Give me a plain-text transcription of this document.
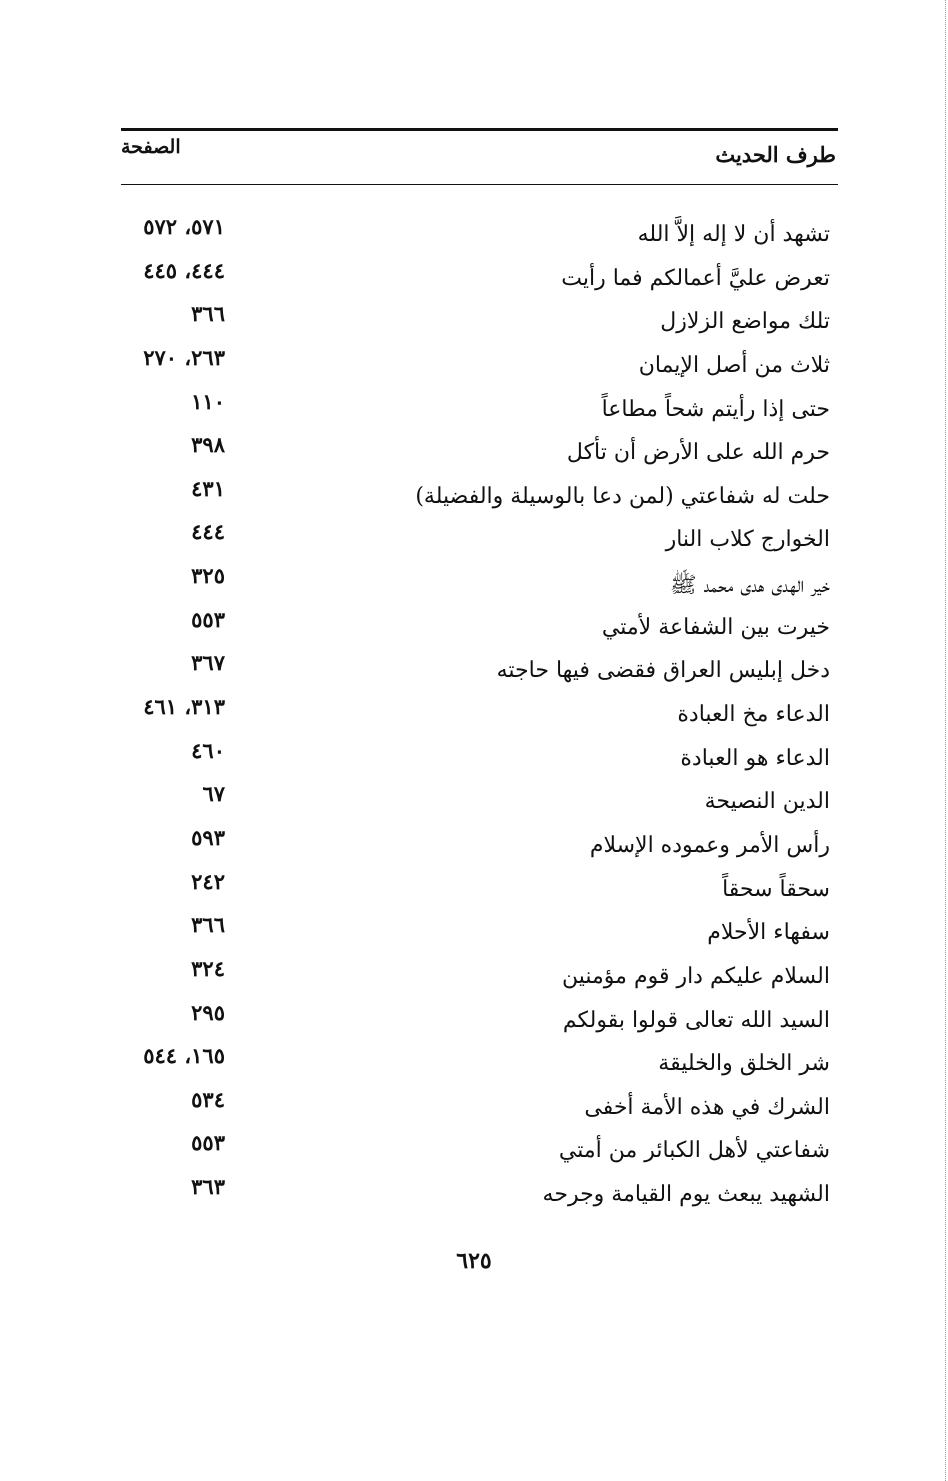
طرف الحديث
الصفحة
تشهد أن لا إله إلاَّ الله
٥٧١، ٥٧٢
تعرض عليَّ أعمالكم فما رأيت
٤٤٤، ٤٤٥
تلك مواضع الزلازل
٣٦٦
ثلاث من أصل الإيمان
٢٦٣، ٢٧٠
حتى إذا رأيتم شحاً مطاعاً
١١٠
حرم الله على الأرض أن تأكل
٣٩٨
حلت له شفاعتي (لمن دعا بالوسيلة والفضيلة)
٤٣١
الخوارج كلاب النار
٤٤٤
خير الهدى هدى محمد ﷺ
٣٢٥
خيرت بين الشفاعة لأمتي
٥٥٣
دخل إبليس العراق فقضى فيها حاجته
٣٦٧
الدعاء مخ العبادة
٣١٣، ٤٦١
الدعاء هو العبادة
٤٦٠
الدين النصيحة
٦٧
رأس الأمر وعموده الإسلام
٥٩٣
سحقاً سحقاً
٢٤٢
سفهاء الأحلام
٣٦٦
السلام عليكم دار قوم مؤمنين
٣٢٤
السيد الله تعالى قولوا بقولكم
٢٩٥
شر الخلق والخليقة
١٦٥، ٥٤٤
الشرك في هذه الأمة أخفى
٥٣٤
شفاعتي لأهل الكبائر من أمتي
٥٥٣
الشهيد يبعث يوم القيامة وجرحه
٣٦٣
٦٢٥
